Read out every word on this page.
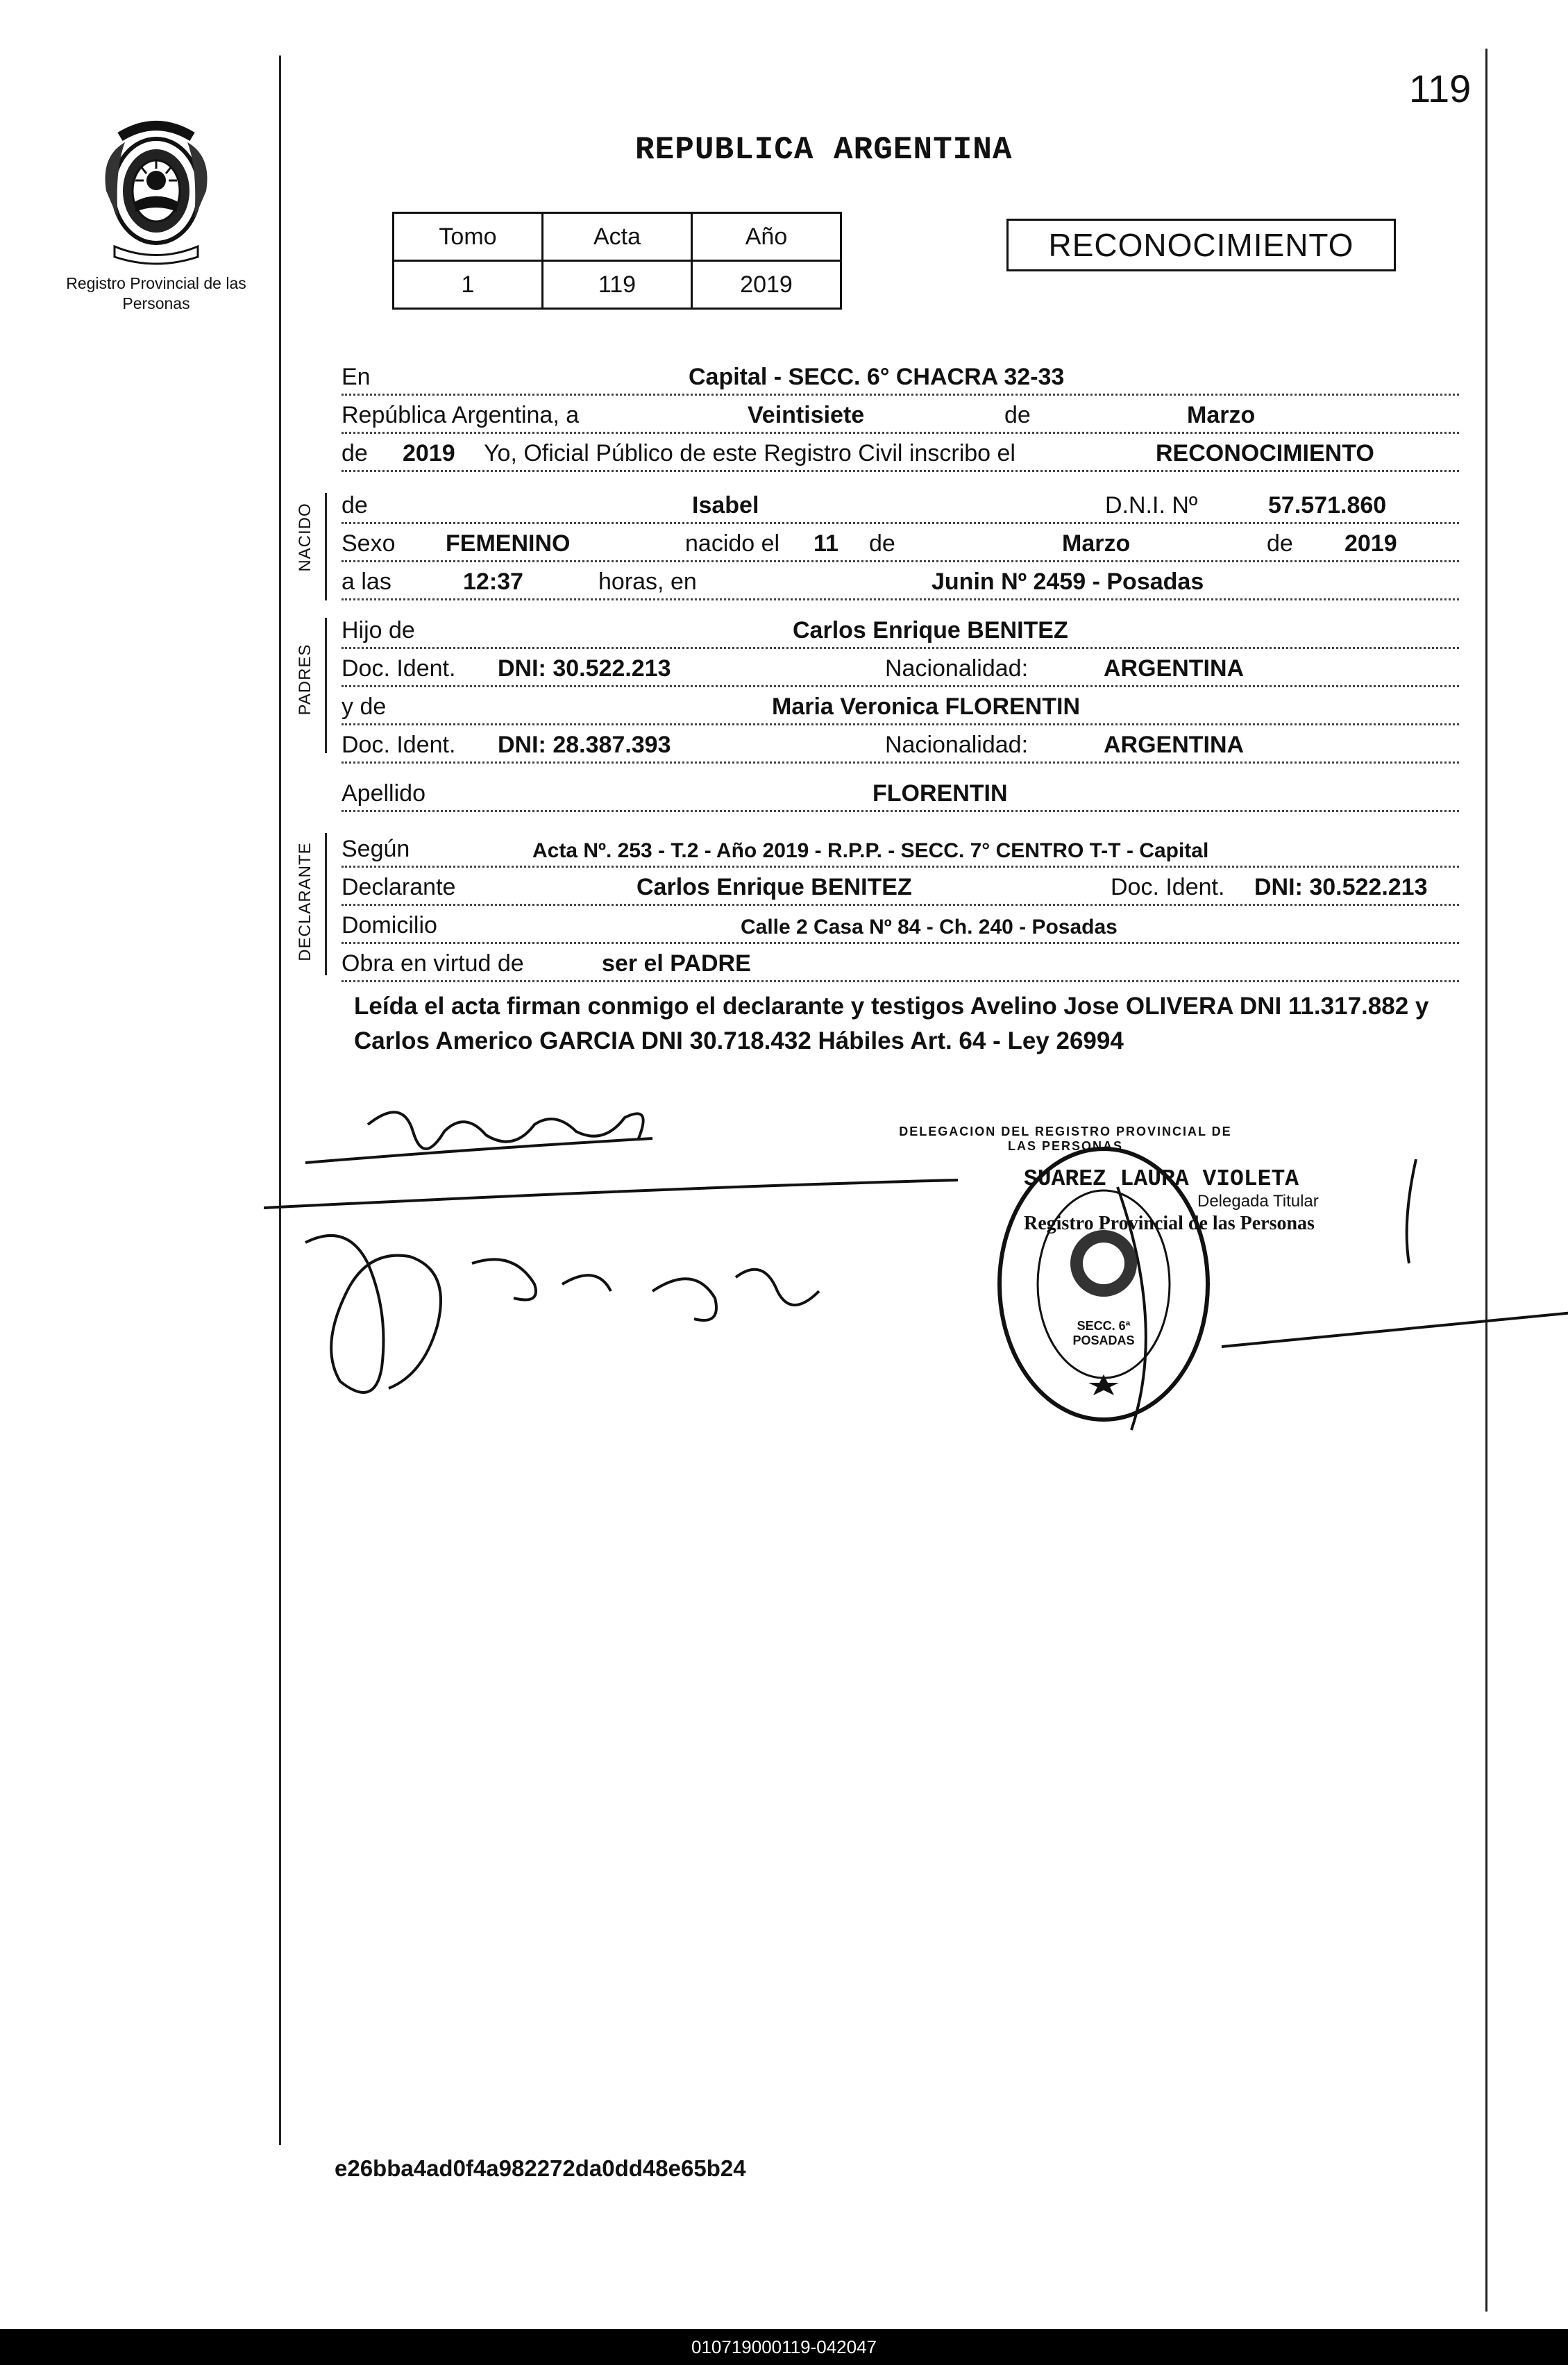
119
Registro Provincial de las Personas
REPUBLICA ARGENTINA
Tomo	Acta	Año
1	119	2019
RECONOCIMIENTO
En	Capital - SECC. 6° CHACRA 32-33
República Argentina, a	Veintisiete	de	Marzo
de 2019 Yo, Oficial Público de este Registro Civil inscribo el	RECONOCIMIENTO
NACIDO de	Isabel	D.N.I. Nº	57.571.860
Sexo FEMENINO	nacido el 11 de	Marzo	de 2019
a las	12:37	horas, en	Junin Nº 2459 - Posadas
PADRES
Hijo de	Carlos Enrique BENITEZ
Doc. Ident. DNI: 30.522.213	Nacionalidad:	ARGENTINA
y de	Maria Veronica FLORENTIN
Doc. Ident. DNI: 28.387.393	Nacionalidad:	ARGENTINA
Apellido	FLORENTIN
DECLARANTE Según	Acta Nº. 253 - T.2 - Año 2019 - R.P.P. - SECC. 7° CENTRO T-T - Capital
Declarante	Carlos Enrique BENITEZ	Doc. Ident. DNI: 30.522.213
Domicilio	Calle 2 Casa Nº 84 - Ch. 240 - Posadas
Obra en virtud de	ser el PADRE
Leída el acta firman conmigo el declarante y testigos Avelino Jose OLIVERA DNI 11.317.882 y Carlos Americo GARCIA DNI 30.718.432 Hábiles Art. 64 - Ley 26994
DELEGACION DEL REGISTRO PROVINCIAL DE LAS PERSONAS
SECC. 6ª POSADAS
SUAREZ LAURA VIOLETA
Delegada Titular
Registro Provincial de las Personas
e26bba4ad0f4a982272da0dd48e65b24
010719000119-042047
